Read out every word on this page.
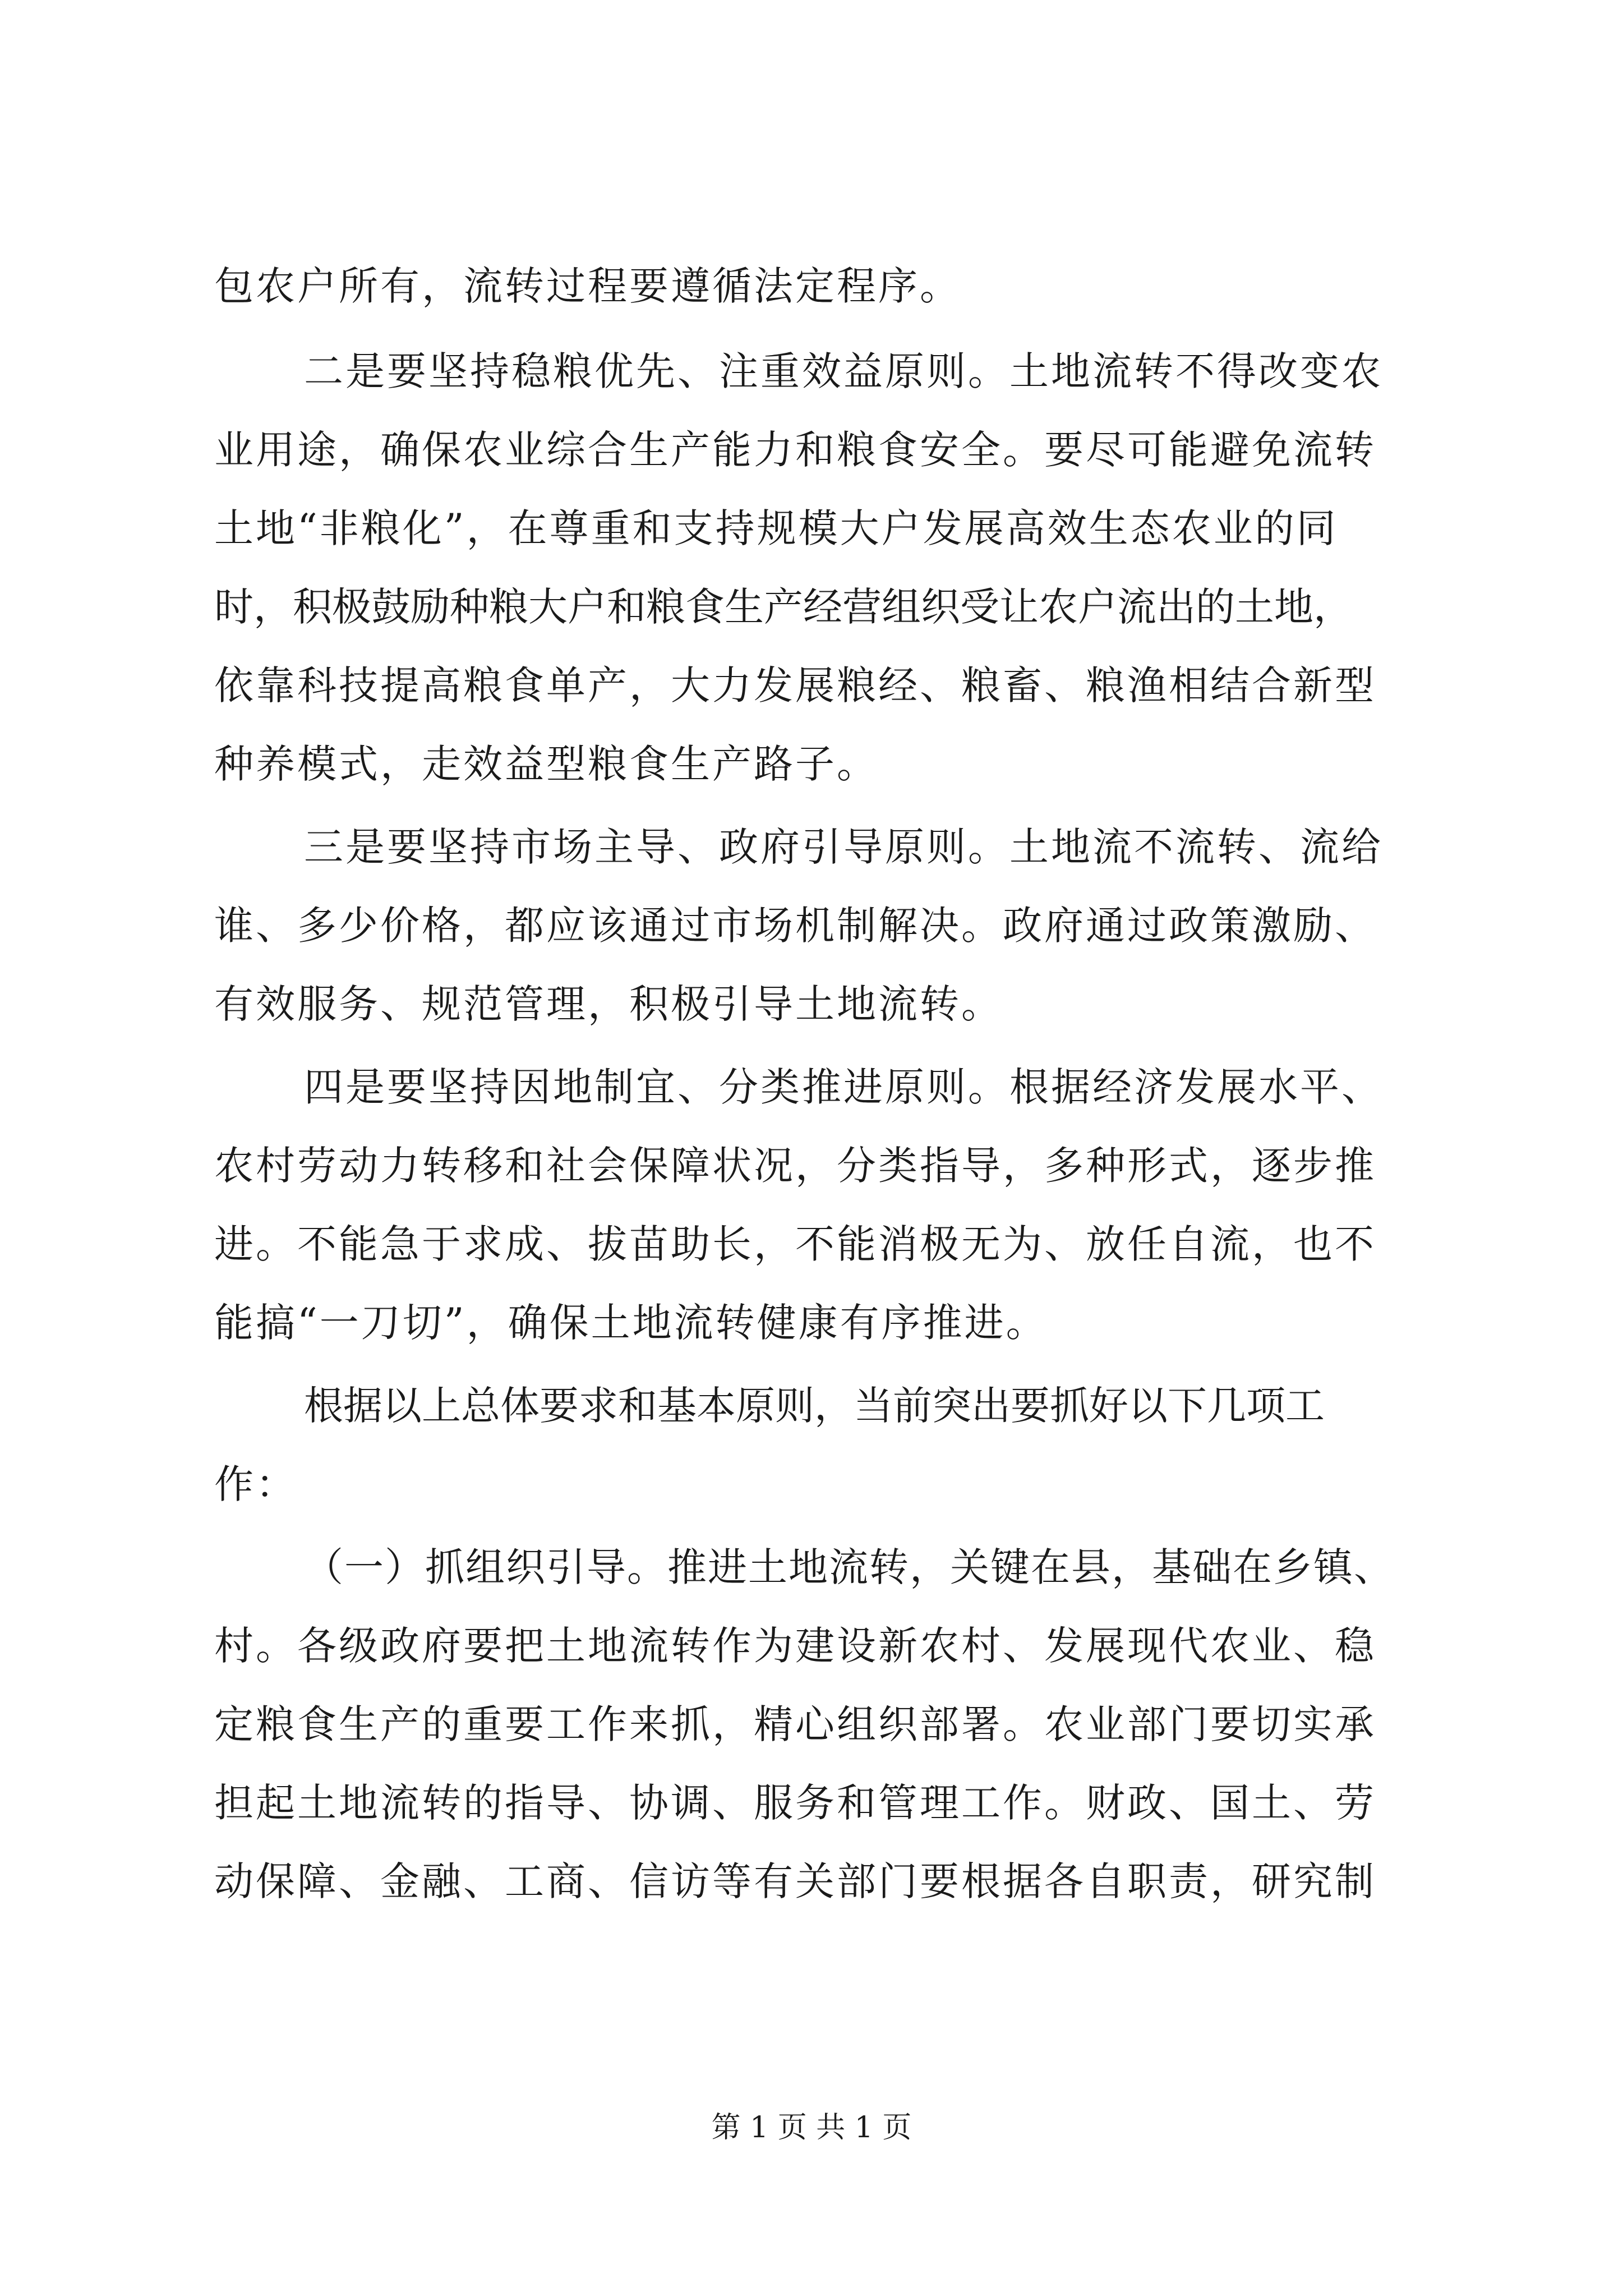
包农户所有，流转过程要遵循法定程序。
二是要坚持稳粮优先、注重效益原则。土地流转不得改变农
业用途，确保农业综合生产能力和粮食安全。要尽可能避免流转
土地“非粮化”，在尊重和支持规模大户发展高效生态农业的同
时，积极鼓励种粮大户和粮食生产经营组织受让农户流出的土地，
依靠科技提高粮食单产，大力发展粮经、粮畜、粮渔相结合新型
种养模式，走效益型粮食生产路子。
三是要坚持市场主导、政府引导原则。土地流不流转、流给
谁、多少价格，都应该通过市场机制解决。政府通过政策激励、
有效服务、规范管理，积极引导土地流转。
四是要坚持因地制宜、分类推进原则。根据经济发展水平、
农村劳动力转移和社会保障状况，分类指导，多种形式，逐步推
进。不能急于求成、拔苗助长，不能消极无为、放任自流，也不
能搞“一刀切”，确保土地流转健康有序推进。
根据以上总体要求和基本原则，当前突出要抓好以下几项工
作：
（一）抓组织引导。推进土地流转，关键在县，基础在乡镇、
村。各级政府要把土地流转作为建设新农村、发展现代农业、稳
定粮食生产的重要工作来抓，精心组织部署。农业部门要切实承
担起土地流转的指导、协调、服务和管理工作。财政、国土、劳
动保障、金融、工商、信访等有关部门要根据各自职责，研究制
第 1 页 共 1 页
